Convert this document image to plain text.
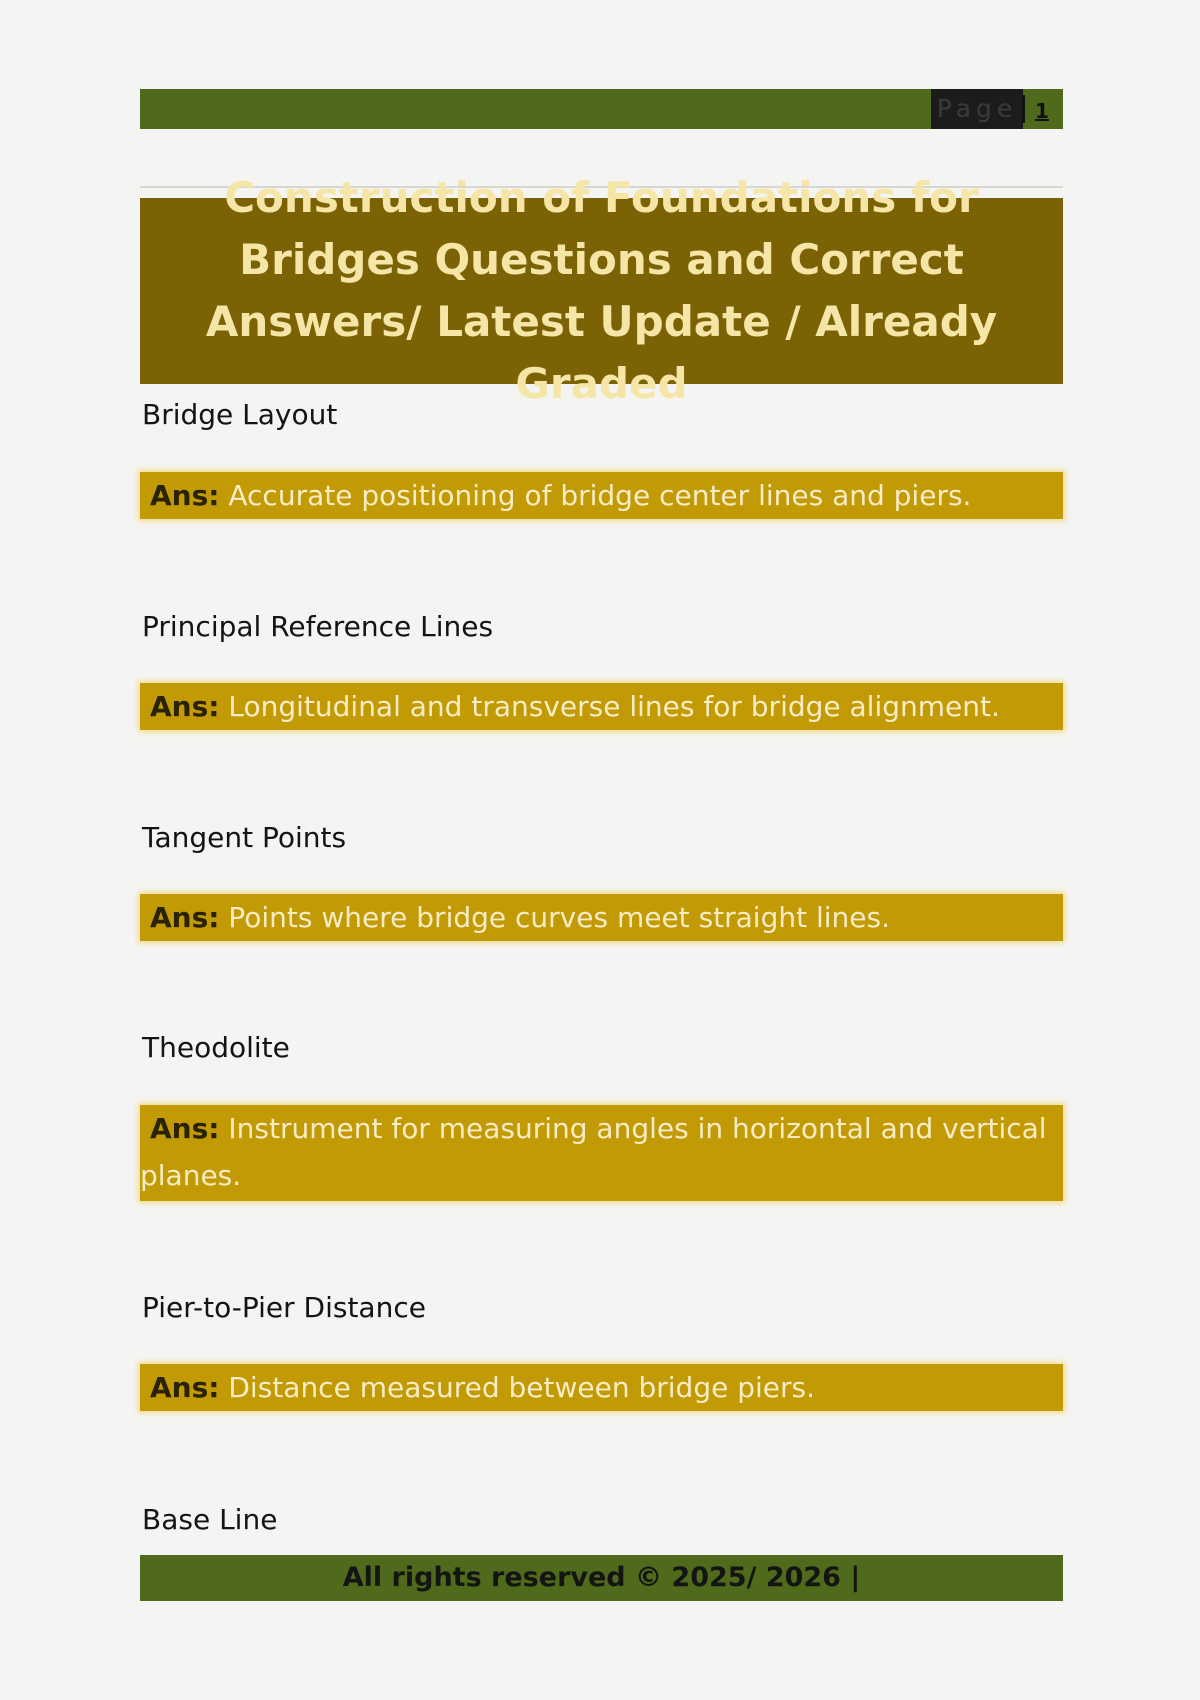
Page 1
Construction of Foundations for Bridges Questions and Correct Answers/ Latest Update / Already Graded
Bridge Layout
Ans: Accurate positioning of bridge center lines and piers.
Principal Reference Lines
Ans: Longitudinal and transverse lines for bridge alignment.
Tangent Points
Ans: Points where bridge curves meet straight lines.
Theodolite
Ans: Instrument for measuring angles in horizontal and vertical planes.
Pier-to-Pier Distance
Ans: Distance measured between bridge piers.
Base Line
All rights reserved © 2025/ 2026 |
